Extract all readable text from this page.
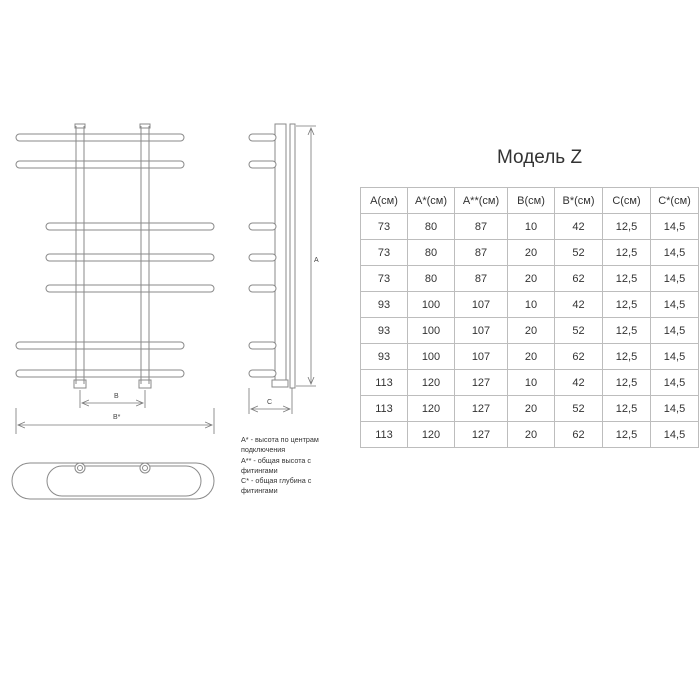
B
B*
A
C
A* - высота по центрам
подключения
A** - общая высота с
фитингами
C* - общая глубина с
фитингами
Модель Z
A(см)	A*(см)	A**(см)	B(см)	B*(см)	C(см)	C*(см)
73	80	87	10	42	12,5	14,5
73	80	87	20	52	12,5	14,5
73	80	87	20	62	12,5	14,5
93	100	107	10	42	12,5	14,5
93	100	107	20	52	12,5	14,5
93	100	107	20	62	12,5	14,5
113	120	127	10	42	12,5	14,5
113	120	127	20	52	12,5	14,5
113	120	127	20	62	12,5	14,5
